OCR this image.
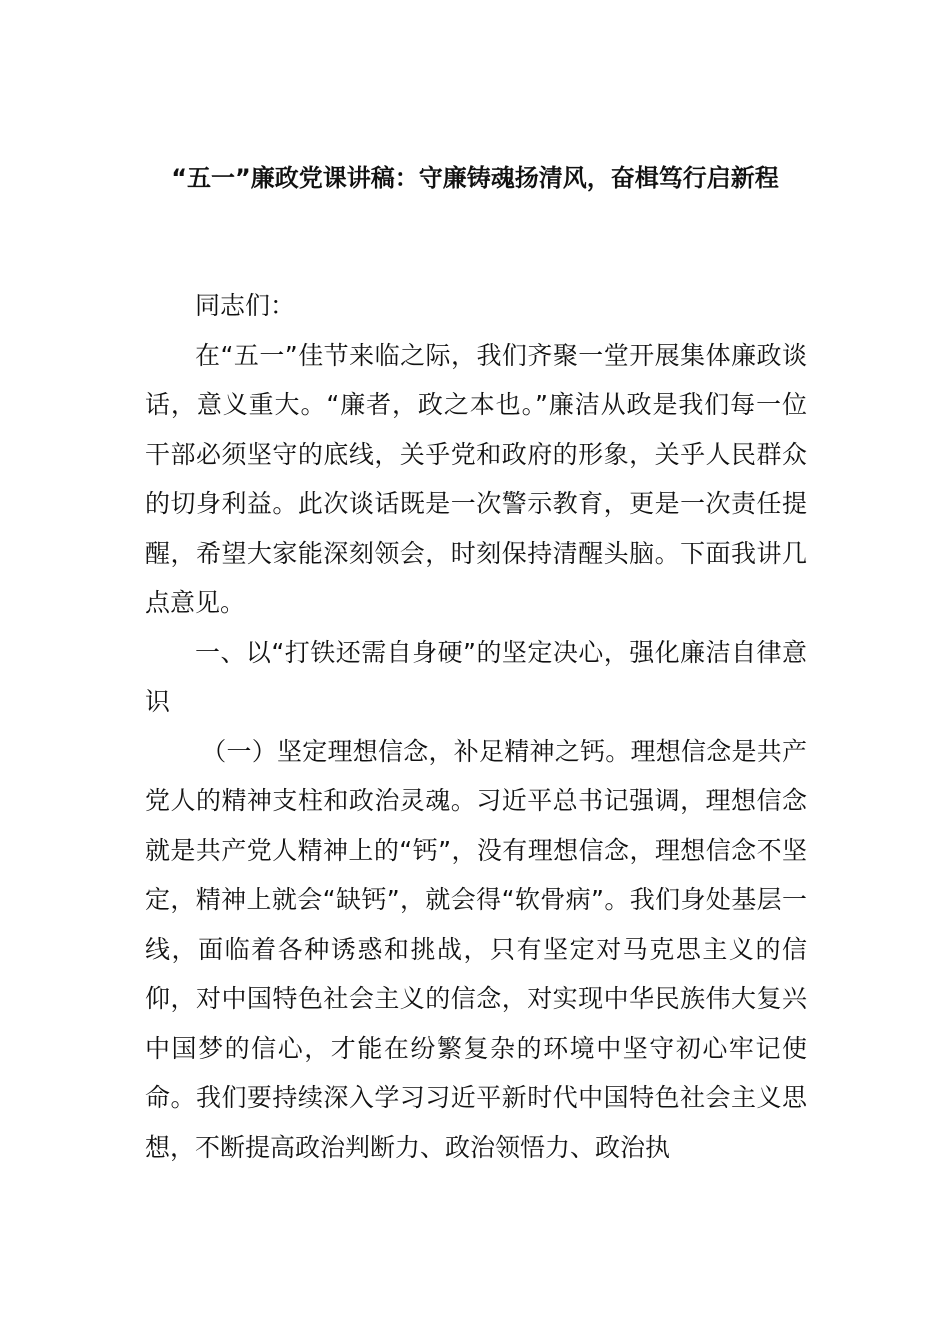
“五一”廉政党课讲稿：守廉铸魂扬清风，奋楫笃行启新程

同志们：

在“五一”佳节来临之际，我们齐聚一堂开展集体廉政谈话，意义重大。“廉者，政之本也。”廉洁从政是我们每一位干部必须坚守的底线，关乎党和政府的形象，关乎人民群众的切身利益。此次谈话既是一次警示教育，更是一次责任提醒，希望大家能深刻领会，时刻保持清醒头脑。下面我讲几点意见。

一、以“打铁还需自身硬”的坚定决心，强化廉洁自律意识

（一）坚定理想信念，补足精神之钙。理想信念是共产党人的精神支柱和政治灵魂。习近平总书记强调，理想信念就是共产党人精神上的“钙”，没有理想信念，理想信念不坚定，精神上就会“缺钙”，就会得“软骨病”。我们身处基层一线，面临着各种诱惑和挑战，只有坚定对马克思主义的信仰，对中国特色社会主义的信念，对实现中华民族伟大复兴中国梦的信心，才能在纷繁复杂的环境中坚守初心牢记使命。我们要持续深入学习习近平新时代中国特色社会主义思想，不断提高政治判断力、政治领悟力、政治执
